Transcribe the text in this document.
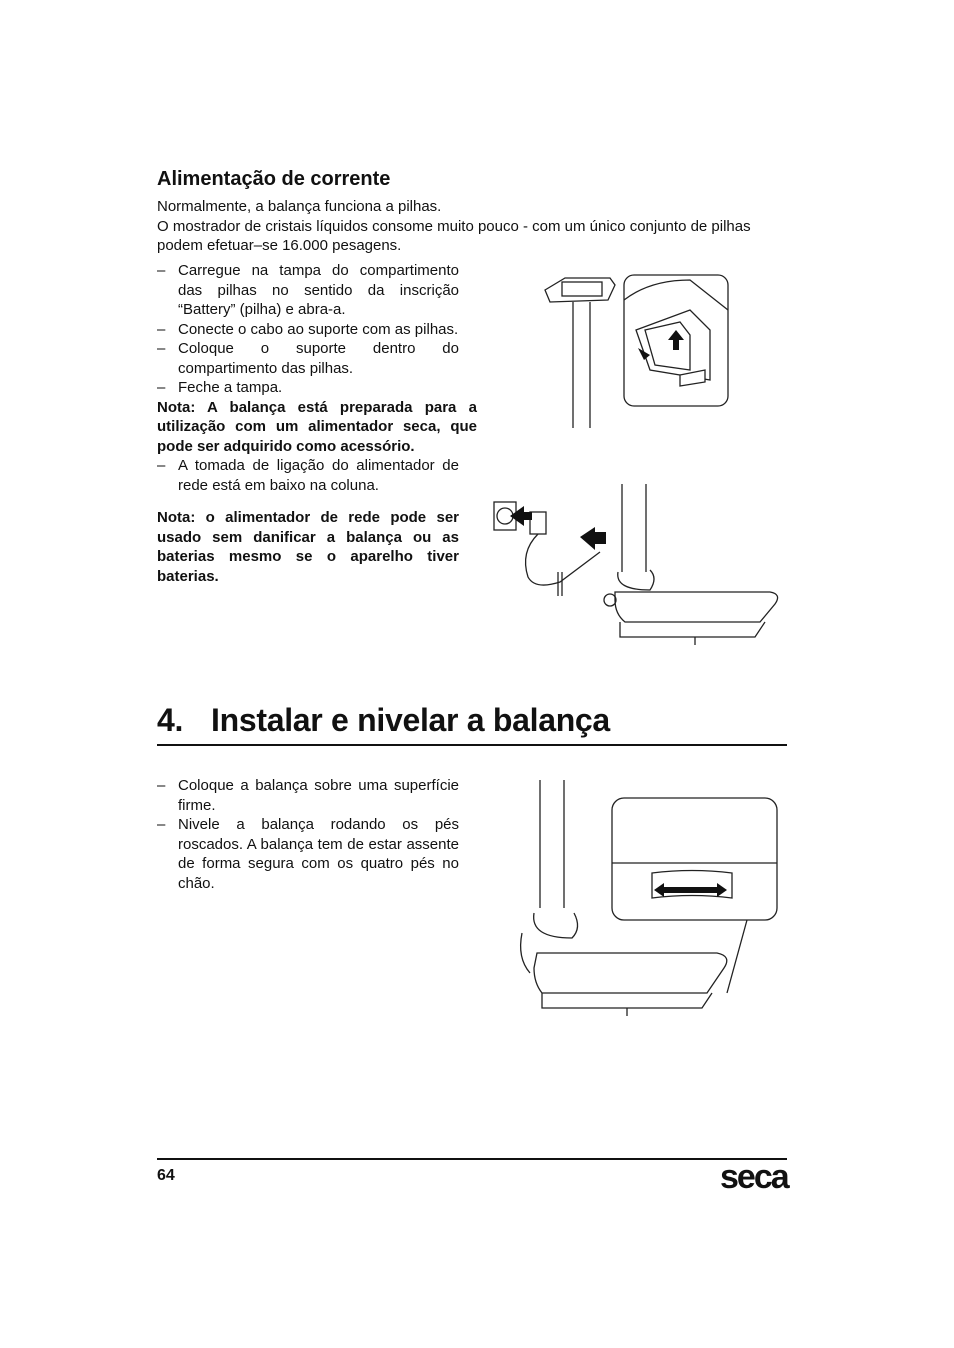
Alimentação de corrente

Normalmente, a balança funciona a pilhas.

O mostrador de cristais líquidos consome muito pouco - com um único conjunto de pilhas podem efetuar–se 16.000 pesagens.

– Carregue na tampa do compartimento das pilhas no sentido da inscrição “Battery” (pilha) e abra-a.
– Conecte o cabo ao suporte com as pilhas.
– Coloque o suporte dentro do compartimento das pilhas.
– Feche a tampa.

Nota: A balança está preparada para a utilização com um alimentador seca, que pode ser adquirido como acessório.

– A tomada de ligação do alimentador de rede está em baixo na coluna.

Nota: o alimentador de rede pode ser usado sem danificar a balança ou as baterias mesmo se o aparelho tiver baterias.

4. Instalar e nivelar a balança
– Coloque a balança sobre uma superfície firme.
– Nivele a balança rodando os pés roscados. A balança tem de estar assente de forma segura com os quatro pés no chão.
64	seca
